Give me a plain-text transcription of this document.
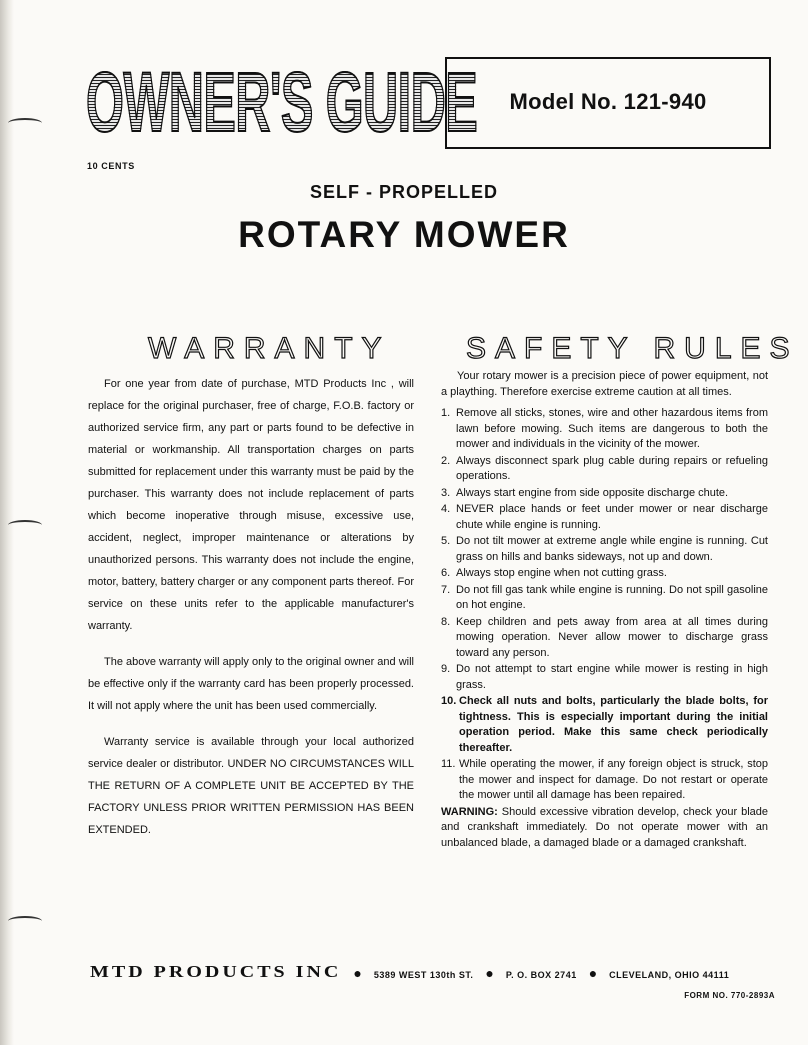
OWNER'S GUIDE	Model No. 121-940
10 CENTS
SELF - PROPELLED
ROTARY MOWER
WARRANTY	SAFETY RULES

For one year from date of purchase, MTD Products Inc , will replace for the original purchaser, free of charge, F.O.B. factory or authorized service firm, any part or parts found to be defective in material or workmanship. All transportation charges on parts submitted for replacement under this warranty must be paid by the purchaser. This warranty does not include replacement of parts which become inoperative through misuse, excessive use, accident, neglect, improper maintenance or alterations by unauthorized persons. This warranty does not include the engine, motor, battery, battery charger or any component parts thereof. For service on these units refer to the applicable manufacturer's warranty.

The above warranty will apply only to the original owner and will be effective only if the warranty card has been properly processed. It will not apply where the unit has been used commercially.

Warranty service is available through your local authorized service dealer or distributor. UNDER NO CIRCUMSTANCES WILL THE RETURN OF A COMPLETE UNIT BE ACCEPTED BY THE FACTORY UNLESS PRIOR WRITTEN PERMISSION HAS BEEN EXTENDED.

Your rotary mower is a precision piece of power equipment, not a plaything. Therefore exercise extreme caution at all times.

1. Remove all sticks, stones, wire and other hazardous items from lawn before mowing. Such items are dangerous to both the mower and individuals in the vicinity of the mower.
2. Always disconnect spark plug cable during repairs or refueling operations.
3. Always start engine from side opposite discharge chute.
4. NEVER place hands or feet under mower or near discharge chute while engine is running.
5. Do not tilt mower at extreme angle while engine is running. Cut grass on hills and banks sideways, not up and down.
6. Always stop engine when not cutting grass.
7. Do not fill gas tank while engine is running. Do not spill gasoline on hot engine.
8. Keep children and pets away from area at all times during mowing operation. Never allow mower to discharge grass toward any person.
9. Do not attempt to start engine while mower is resting in high grass.
10. Check all nuts and bolts, particularly the blade bolts, for tightness. This is especially important during the initial operation period. Make this same check periodically thereafter.
11. While operating the mower, if any foreign object is struck, stop the mower and inspect for damage. Do not restart or operate the mower until all damage has been repaired.

WARNING: Should excessive vibration develop, check your blade and crankshaft immediately. Do not operate mower with an unbalanced blade, a damaged blade or a damaged crankshaft.

MTD PRODUCTS INC ● 5389 WEST 130th ST. ● P. O. BOX 2741 ● CLEVELAND, OHIO 44111
FORM NO. 770-2893A
